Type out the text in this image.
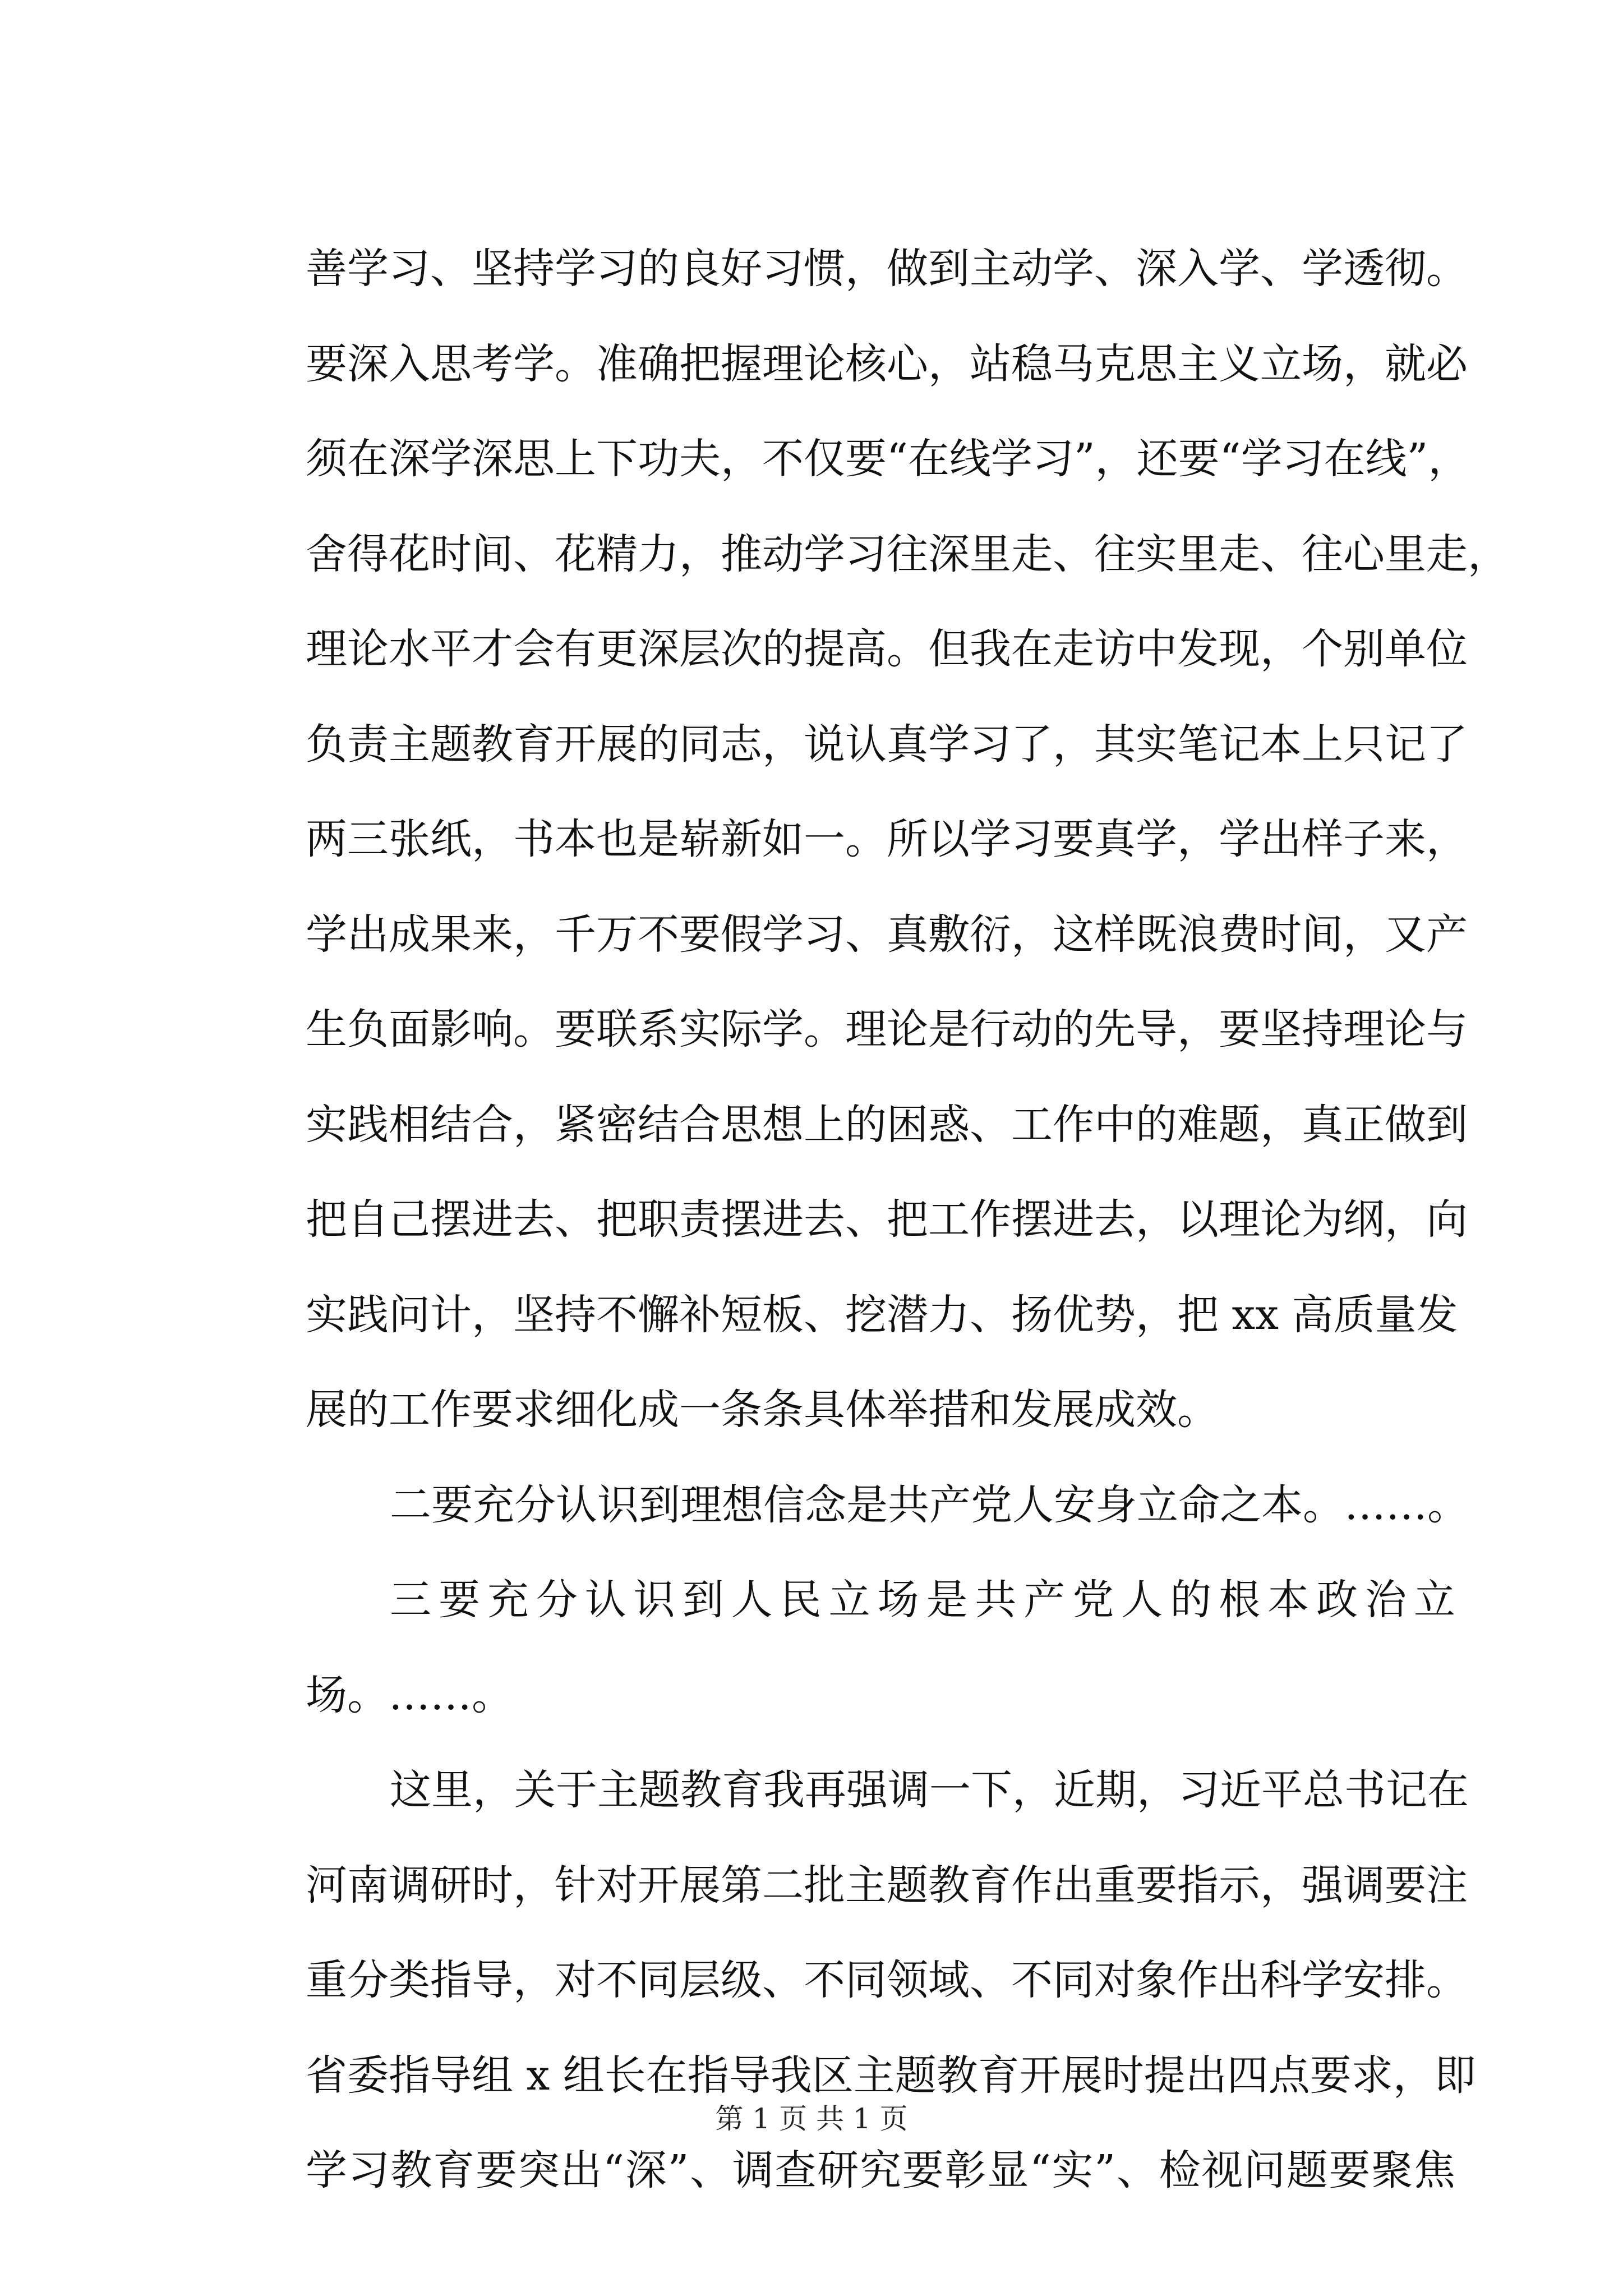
善学习、坚持学习的良好习惯，做到主动学、深入学、学透彻。
要深入思考学。准确把握理论核心，站稳马克思主义立场，就必
须在深学深思上下功夫，不仅要“在线学习”，还要“学习在线”，
舍得花时间、花精力，推动学习往深里走、往实里走、往心里走，
理论水平才会有更深层次的提高。但我在走访中发现，个别单位
负责主题教育开展的同志，说认真学习了，其实笔记本上只记了
两三张纸，书本也是崭新如一。所以学习要真学，学出样子来，
学出成果来，千万不要假学习、真敷衍，这样既浪费时间，又产
生负面影响。要联系实际学。理论是行动的先导，要坚持理论与
实践相结合，紧密结合思想上的困惑、工作中的难题，真正做到
把自己摆进去、把职责摆进去、把工作摆进去，以理论为纲，向
实践问计，坚持不懈补短板、挖潜力、扬优势，把 xx 高质量发
展的工作要求细化成一条条具体举措和发展成效。
二要充分认识到理想信念是共产党人安身立命之本。……。
三要充分认识到人民立场是共产党人的根本政治立
场。……。
这里，关于主题教育我再强调一下，近期，习近平总书记在
河南调研时，针对开展第二批主题教育作出重要指示，强调要注
重分类指导，对不同层级、不同领域、不同对象作出科学安排。
省委指导组 x 组长在指导我区主题教育开展时提出四点要求，即
学习教育要突出“深”、调查研究要彰显“实”、检视问题要聚焦
第 1 页 共 1 页
